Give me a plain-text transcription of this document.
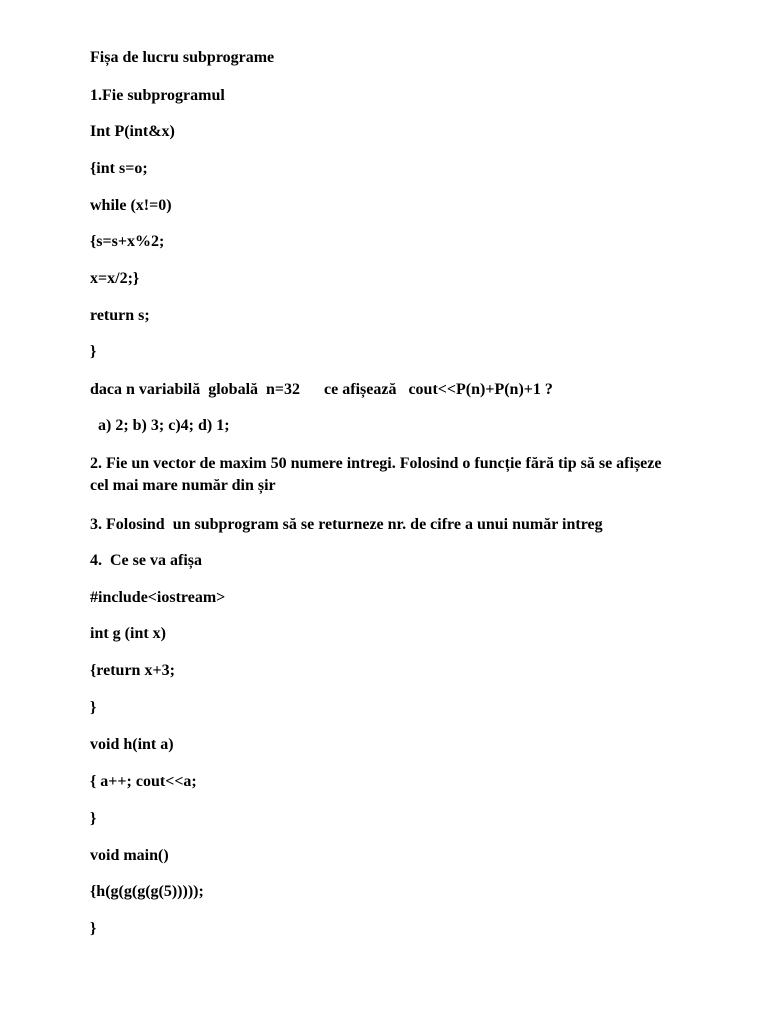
Fișa de lucru subprograme
1.Fie subprogramul
Int P(int&x)
{int s=o;
while (x!=0)
{s=s+x%2;
x=x/2;}
return s;
}
daca n variabilă  globală  n=32      ce afișează   cout<<P(n)+P(n)+1 ?
a) 2; b) 3; c)4; d) 1;
2. Fie un vector de maxim 50 numere intregi. Folosind o funcție fără tip să se afișeze cel mai mare număr din șir
3. Folosind  un subprogram să se returneze nr. de cifre a unui număr intreg
4.  Ce se va afișa
#include<iostream>
int g (int x)
{return x+3;
}
void h(int a)
{ a++; cout<<a;
}
void main()
{h(g(g(g(g(5)))));
}
